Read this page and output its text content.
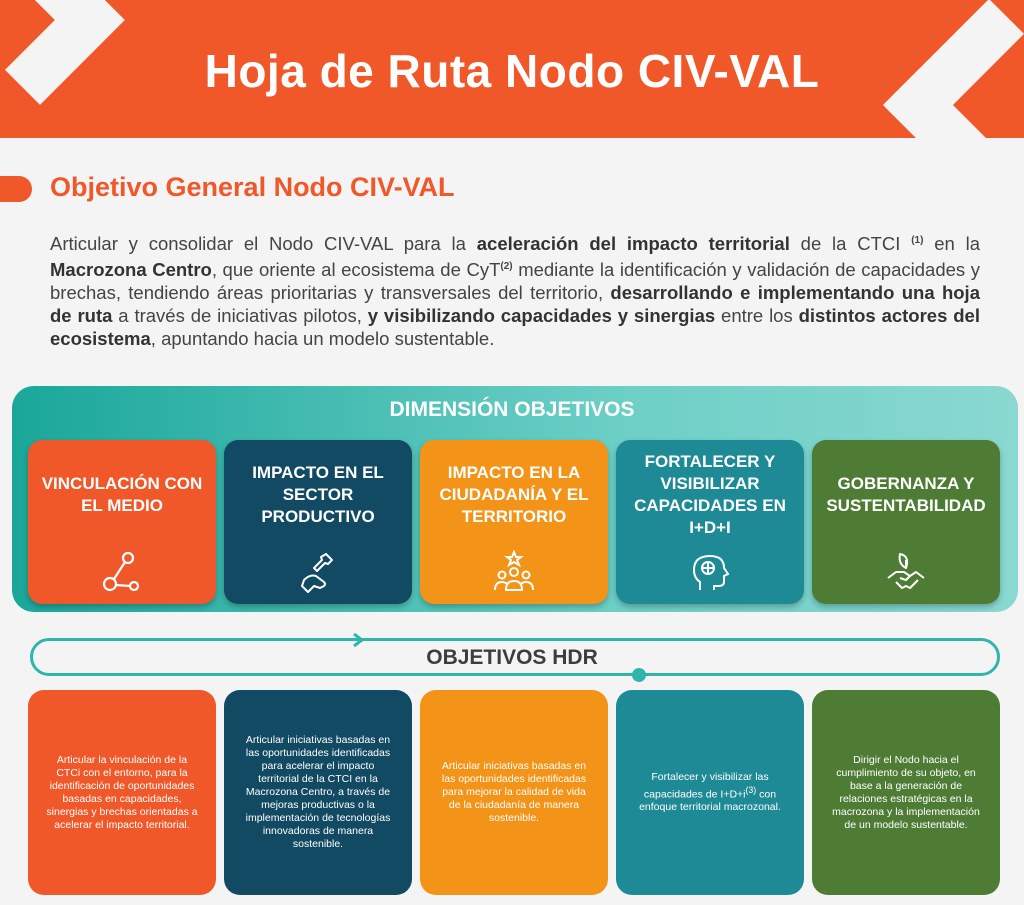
Hoja de Ruta Nodo CIV-VAL
Objetivo General Nodo CIV-VAL
Articular y consolidar el Nodo CIV-VAL para la aceleración del impacto territorial de la CTCI $^{(1)}$ en la Macrozona Centro, que oriente al ecosistema de CyT$^{(2)}$ mediante la identificación y validación de capacidades y brechas, tendiendo áreas prioritarias y transversales del territorio, desarrollando e implementando una hoja de ruta a través de iniciativas pilotos, y visibilizando capacidades y sinergias entre los distintos actores del ecosistema, apuntando hacia un modelo sustentable.
DIMENSIÓN OBJETIVOS
VINCULACIÓN CON EL MEDIO
IMPACTO EN EL SECTOR PRODUCTIVO
IMPACTO EN LA CIUDADANÍA Y EL TERRITORIO
FORTALECER Y VISIBILIZAR CAPACIDADES EN I+D+I
GOBERNANZA Y SUSTENTABILIDAD
OBJETIVOS HDR
Articular la vinculación de la CTCi con el entorno, para la identificación de oportunidades basadas en capacidades, sinergias y brechas orientadas a acelerar el impacto territorial.
Articular iniciativas basadas en las oportunidades identificadas para acelerar el impacto territorial de la CTCI en la Macrozona Centro, a través de mejoras productivas o la implementación de tecnologías innovadoras de manera sostenible.
Articular iniciativas basadas en las oportunidades identificadas para mejorar la calidad de vida de la ciudadanía de manera sostenible.
Fortalecer y visibilizar las capacidades de $I+D+i^{(3)}$ con enfoque territorial macrozonal.
Dirigir el Nodo hacia el cumplimiento de su objeto, en base a la generación de relaciones estratégicas en la macrozona y la implementación de un modelo sustentable.
